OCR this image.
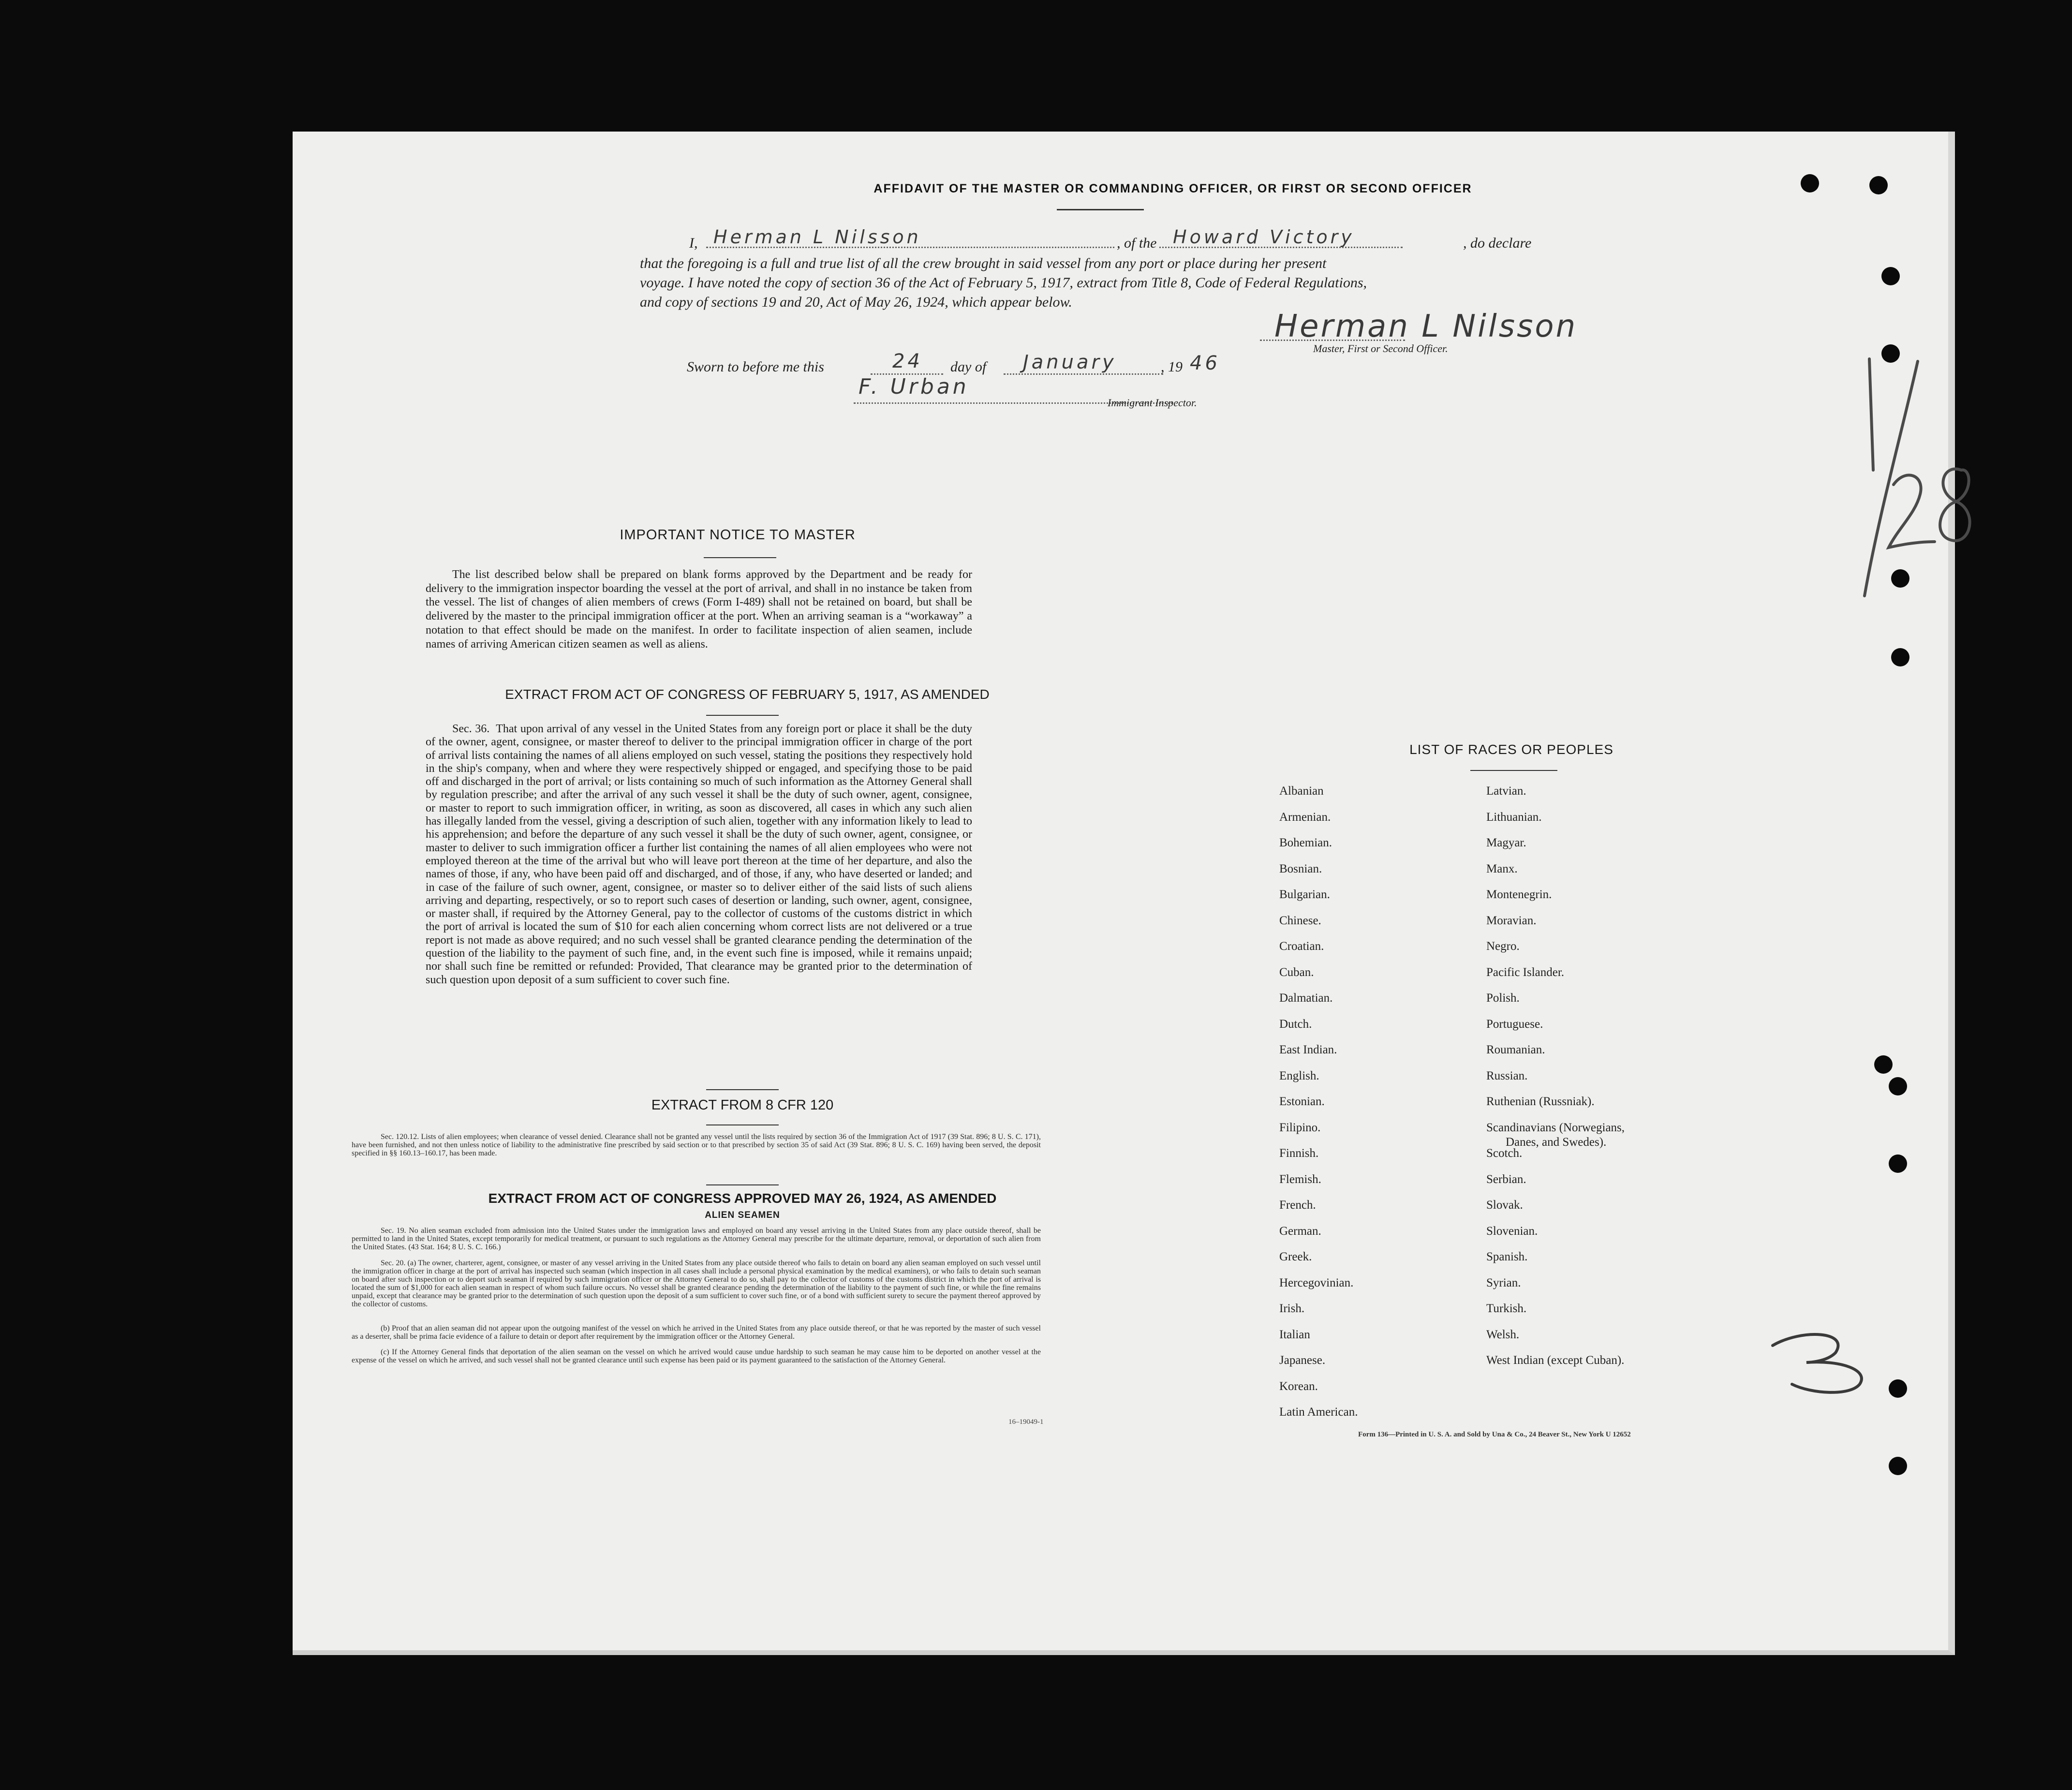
AFFIDAVIT OF THE MASTER OR COMMANDING OFFICER, OR FIRST OR SECOND OFFICER
I, Herman L Nilsson	, of the Howard Victory	, do declare
that the foregoing is a full and true list of all the crew brought in said vessel from any port or place during her present
voyage. I have noted the copy of section 36 of the Act of February 5, 1917, extract from Title 8, Code of Federal Regulations,
and copy of sections 19 and 20, Act of May 26, 1924, which appear below.
Herman L Nilsson
Master, First or Second Officer.
Sworn to before me this	24 day of January	, 19 46
F. Urban
Immigrant Inspector.
IMPORTANT NOTICE TO MASTER
The list described below shall be prepared on blank forms approved by the Department and be ready for delivery to the immigration inspector boarding the vessel at the port of arrival, and shall in no instance be taken from the vessel. The list of changes of alien members of crews (Form I-489) shall not be retained on board, but shall be delivered by the master to the principal immigration officer at the port. When an arriving seaman is a “workaway” a notation to that effect should be made on the manifest. In order to facilitate inspection of alien seamen, include names of arriving American citizen seamen as well as aliens.
EXTRACT FROM ACT OF CONGRESS OF FEBRUARY 5, 1917, AS AMENDED
Sec. 36. That upon arrival of any vessel in the United States from any foreign port or place it shall be the duty of the owner, agent, consignee, or master thereof to deliver to the principal immigration officer in charge of the port of arrival lists containing the names of all aliens employed on such vessel, stating the positions they respectively hold in the ship's company, when and where they were respectively shipped or engaged, and specifying those to be paid off and discharged in the port of arrival; or lists containing so much of such information as the Attorney General shall by regulation prescribe; and after the arrival of any such vessel it shall be the duty of such owner, agent, consignee, or master to report to such immigration officer, in writing, as soon as discovered, all cases in which any such alien has illegally landed from the vessel, giving a description of such alien, together with any information likely to lead to his apprehension; and before the departure of any such vessel it shall be the duty of such owner, agent, consignee, or master to deliver to such immigration officer a further list containing the names of all alien employees who were not employed thereon at the time of the arrival but who will leave port thereon at the time of her departure, and also the names of those, if any, who have been paid off and discharged, and of those, if any, who have deserted or landed; and in case of the failure of such owner, agent, consignee, or master so to deliver either of the said lists of such aliens arriving and departing, respectively, or so to report such cases of desertion or landing, such owner, agent, consignee, or master shall, if required by the Attorney General, pay to the collector of customs of the customs district in which the port of arrival is located the sum of $10 for each alien concerning whom correct lists are not delivered or a true report is not made as above required; and no such vessel shall be granted clearance pending the determination of the question of the liability to the payment of such fine, and, in the event such fine is imposed, while it remains unpaid; nor shall such fine be remitted or refunded: Provided, That clearance may be granted prior to the determination of such question upon deposit of a sum sufficient to cover such fine.
EXTRACT FROM 8 CFR 120
Sec. 120.12. Lists of alien employees; when clearance of vessel denied. Clearance shall not be granted any vessel until the lists required by section 36 of the Immigration Act of 1917 (39 Stat. 896; 8 U. S. C. 171), have been furnished, and not then unless notice of liability to the administrative fine prescribed by said section or to that prescribed by section 35 of said Act (39 Stat. 896; 8 U. S. C. 169) having been served, the deposit specified in §§ 160.13–160.17, has been made.
EXTRACT FROM ACT OF CONGRESS APPROVED MAY 26, 1924, AS AMENDED
ALIEN SEAMEN
Sec. 19. No alien seaman excluded from admission into the United States under the immigration laws and employed on board any vessel arriving in the United States from any place outside thereof, shall be permitted to land in the United States, except temporarily for medical treatment, or pursuant to such regulations as the Attorney General may prescribe for the ultimate departure, removal, or deportation of such alien from the United States. (43 Stat. 164; 8 U. S. C. 166.)
Sec. 20. (a) The owner, charterer, agent, consignee, or master of any vessel arriving in the United States from any place outside thereof who fails to detain on board any alien seaman employed on such vessel until the immigration officer in charge at the port of arrival has inspected such seaman (which inspection in all cases shall include a personal physical examination by the medical examiners), or who fails to detain such seaman on board after such inspection or to deport such seaman if required by such immigration officer or the Attorney General to do so, shall pay to the collector of customs of the customs district in which the port of arrival is located the sum of $1,000 for each alien seaman in respect of whom such failure occurs. No vessel shall be granted clearance pending the determination of the liability to the payment of such fine, or while the fine remains unpaid, except that clearance may be granted prior to the determination of such question upon the deposit of a sum sufficient to cover such fine, or of a bond with sufficient surety to secure the payment thereof approved by the collector of customs.
(b) Proof that an alien seaman did not appear upon the outgoing manifest of the vessel on which he arrived in the United States from any place outside thereof, or that he was reported by the master of such vessel as a deserter, shall be prima facie evidence of a failure to detain or deport after requirement by the immigration officer or the Attorney General.
(c) If the Attorney General finds that deportation of the alien seaman on the vessel on which he arrived would cause undue hardship to such seaman he may cause him to be deported on another vessel at the expense of the vessel on which he arrived, and such vessel shall not be granted clearance until such expense has been paid or its payment guaranteed to the satisfaction of the Attorney General.
16–19049-1
LIST OF RACES OR PEOPLES
Albanian
Armenian.
Bohemian.
Bosnian.
Bulgarian.
Chinese.
Croatian.
Cuban.
Dalmatian.
Dutch.
East Indian.
English.
Estonian.
Filipino.
Finnish.
Flemish.
French.
German.
Greek.
Hercegovinian.
Irish.
Italian
Japanese.
Korean.
Latin American.
Latvian.
Lithuanian.
Magyar.
Manx.
Montenegrin.
Moravian.
Negro.
Pacific Islander.
Polish.
Portuguese.
Roumanian.
Russian.
Ruthenian (Russniak).
Scandinavians (Norwegians,
Danes, and Swedes).
Scotch.
Serbian.
Slovak.
Slovenian.
Spanish.
Syrian.
Turkish.
Welsh.
West Indian (except Cuban).
Form 136—Printed in U. S. A. and Sold by Una & Co., 24 Beaver St., New York U 12652
